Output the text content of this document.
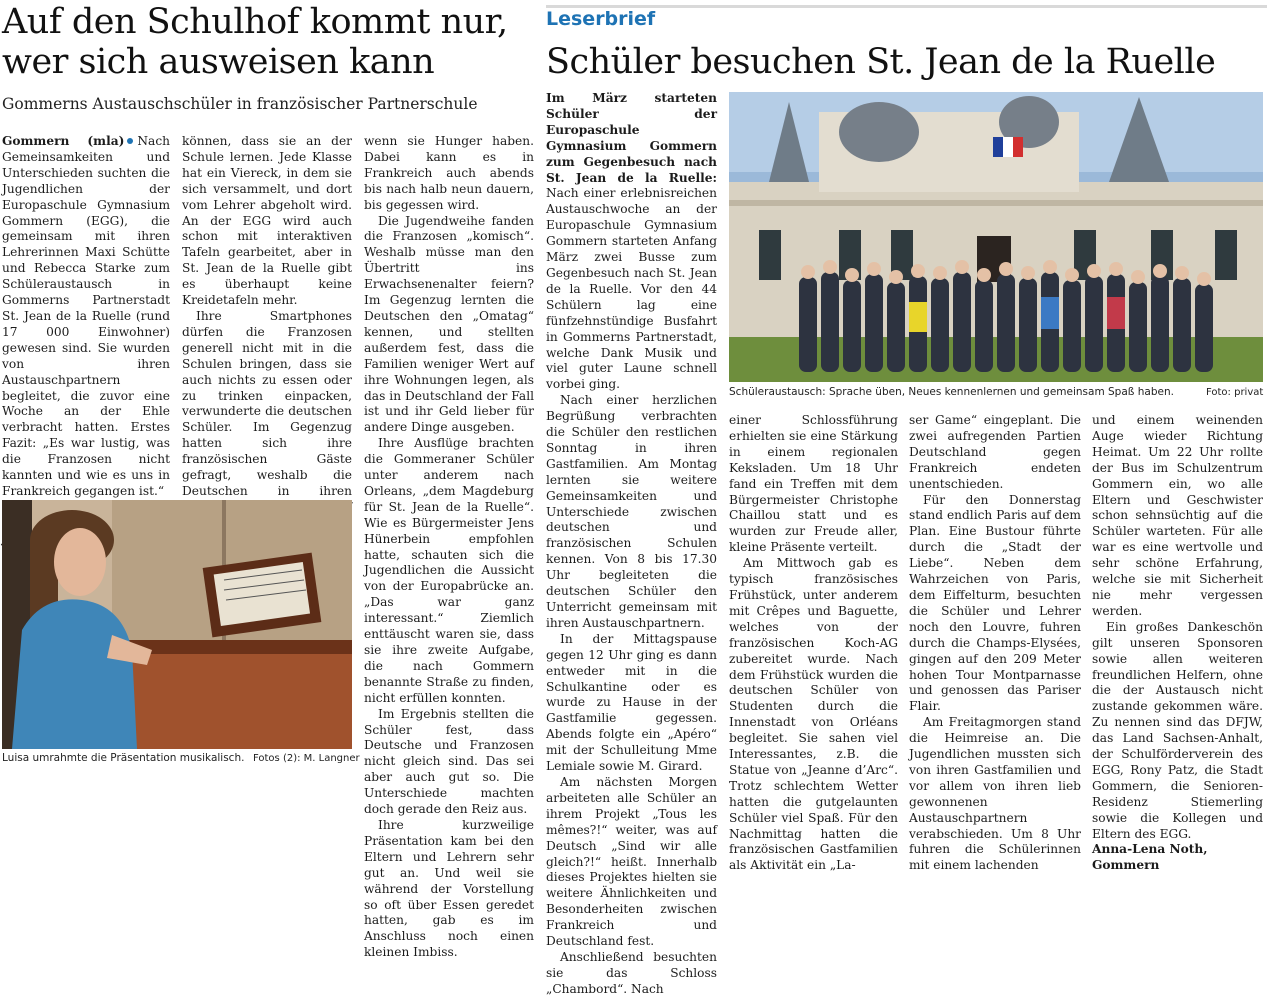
Auf den Schulhof kommt nur,
wer sich ausweisen kann
Gommerns Austauschschüler in französischer Partnerschule

Gommern (mla) Nach Gemeinsamkeiten und Unterschieden suchten die Jugendlichen der Europaschule Gymnasium Gommern (EGG), die gemeinsam mit ihren Lehrerinnen Maxi Schütte und Rebecca Starke zum Schüleraustausch in Gommerns Partnerstadt St. Jean de la Ruelle (rund 17 000 Einwohner) gewesen sind. Sie wurden von ihren Austauschpartnern begleitet, die zuvor eine Woche an der Ehle verbracht hatten. Erstes Fazit: „Es war lustig, was die Franzosen nicht kannten und wie es uns in Frankreich gegangen ist.“

können, dass sie an der Schule lernen. Jede Klasse hat ein Viereck, in dem sie sich versammelt, und dort vom Lehrer abgeholt wird. An der EGG wird auch schon mit interaktiven Tafeln gearbeitet, aber in St. Jean de la Ruelle gibt es überhaupt keine Kreidetafeln mehr.

Ihre Smartphones dürfen die Franzosen generell nicht mit in die Schulen bringen, dass sie auch nichts zu essen oder zu trinken einpacken, verwunderte die deutschen Schüler. Im Gegenzug hatten sich ihre französischen Gäste gefragt, weshalb die Deutschen in ihren

wenn sie Hunger haben. Dabei kann es in Frankreich auch abends bis nach halb neun dauern, bis gegessen wird.

Die Jugendweihe fanden die Franzosen „komisch“. Weshalb müsse man den Übertritt ins Erwachsenenalter feiern? Im Gegenzug lernten die Deutschen den „Omatag“ kennen, und stellten außerdem fest, dass die Familien weniger Wert auf ihre Wohnungen legen, als das in Deutschland der Fall ist und ihr Geld lieber für andere Dinge ausgeben.

Ihre Ausflüge brachten die Gommeraner Schüler unter anderem nach Orleans, „dem Magdeburg für St. Jean de la Ruelle“. Wie es Bürgermeister Jens Hünerbein empfohlen hatte, schauten sich die Jugendlichen die Aussicht von der Europabrücke an. „Das war ganz interessant.“ Ziemlich enttäuscht waren sie, dass sie ihre zweite Aufgabe, die nach Gommern benannte Straße zu finden, nicht erfüllen konnten.

Im Ergebnis stellten die Schüler fest, dass Deutsche und Franzosen nicht gleich sind. Das sei aber auch gut so. Die Unterschiede machten doch gerade den Reiz aus.

Ihre kurzweilige Präsentation kam bei den Eltern und Lehrern sehr gut an. Und weil sie während der Vorstellung so oft über Essen geredet hatten, gab es im Anschluss noch einen kleinen Imbiss.

Luisa umrahmte die Präsentation musikalisch. Fotos (2): M. Langner
Leserbrief
Schüler besuchen St. Jean de la Ruelle

Im März starteten Schüler der Europaschule Gymnasium Gommern zum Gegenbesuch nach St. Jean de la Ruelle: Nach einer erlebnisreichen Austauschwoche an der Europaschule Gymnasium Gommern starteten Anfang März zwei Busse zum Gegenbesuch nach St. Jean de la Ruelle. Vor den 44 Schülern lag eine fünfzehnstündige Busfahrt in Gommerns Partnerstadt, welche Dank Musik und viel guter Laune schnell vorbei ging.

Nach einer herzlichen Begrüßung verbrachten die Schüler den restlichen Sonntag in ihren Gastfamilien. Am Montag lernten sie weitere Gemeinsamkeiten und Unterschiede zwischen deutschen und französischen Schulen kennen. Von 8 bis 17.30 Uhr begleiteten die deutschen Schüler den Unterricht gemeinsam mit ihren Austauschpartnern.

In der Mittagspause gegen 12 Uhr ging es dann entweder mit in die Schulkantine oder es wurde zu Hause in der Gastfamilie gegessen. Abends folgte ein „Apéro“ mit der Schulleitung Mme Lemiale sowie M. Girard.

Am nächsten Morgen arbeiteten alle Schüler an ihrem Projekt „Tous les mêmes?!“ weiter, was auf Deutsch „Sind wir alle gleich?!“ heißt. Innerhalb dieses Projektes hielten sie weitere Ähnlichkeiten und Besonderheiten zwischen Frankreich und Deutschland fest.

Anschließend besuchten sie das Schloss „Chambord“. Nach

Schüleraustausch: Sprache üben, Neues kennenlernen und gemeinsam Spaß haben.	Foto: privat

einer Schlossführung erhielten sie eine Stärkung in einem regionalen Keksladen. Um 18 Uhr fand ein Treffen mit dem Bürgermeister Christophe Chaillou statt und es wurden zur Freude aller, kleine Präsente verteilt.

Am Mittwoch gab es typisch französisches Frühstück, unter anderem mit Crêpes und Baguette, welches von der französischen Koch-AG zubereitet wurde. Nach dem Frühstück wurden die deutschen Schüler von Studenten durch die Innenstadt von Orléans begleitet. Sie sahen viel Interessantes, z.B. die Statue von „Jeanne d’Arc“. Trotz schlechtem Wetter hatten die gutgelaunten Schüler viel Spaß. Für den Nachmittag hatten die französischen Gastfamilien als Aktivität ein „La-

ser Game“ eingeplant. Die zwei aufregenden Partien Deutschland gegen Frankreich endeten unentschieden.

Für den Donnerstag stand endlich Paris auf dem Plan. Eine Bustour führte durch die „Stadt der Liebe“. Neben dem Wahrzeichen von Paris, dem Eiffelturm, besuchten die Schüler und Lehrer noch den Louvre, fuhren durch die Champs-Elysées, gingen auf den 209 Meter hohen Tour Montparnasse und genossen das Pariser Flair.

Am Freitagmorgen stand die Heimreise an. Die Jugendlichen mussten sich von ihren Gastfamilien und vor allem von ihren lieb gewonnenen Austauschpartnern verabschieden. Um 8 Uhr fuhren die Schülerinnen mit einem lachenden

und einem weinenden Auge wieder Richtung Heimat. Um 22 Uhr rollte der Bus im Schulzentrum Gommern ein, wo alle Eltern und Geschwister schon sehnsüchtig auf die Schüler warteten. Für alle war es eine wertvolle und sehr schöne Erfahrung, welche sie mit Sicherheit nie mehr vergessen werden.

Ein großes Dankeschön gilt unseren Sponsoren sowie allen weiteren freundlichen Helfern, ohne die der Austausch nicht zustande gekommen wäre. Zu nennen sind das DFJW, das Land Sachsen-Anhalt, der Schulförderverein des EGG, Rony Patz, die Stadt Gommern, die Senioren-Residenz Stiemerling sowie die Kollegen und Eltern des EGG.

Anna-Lena Noth, Gommern
